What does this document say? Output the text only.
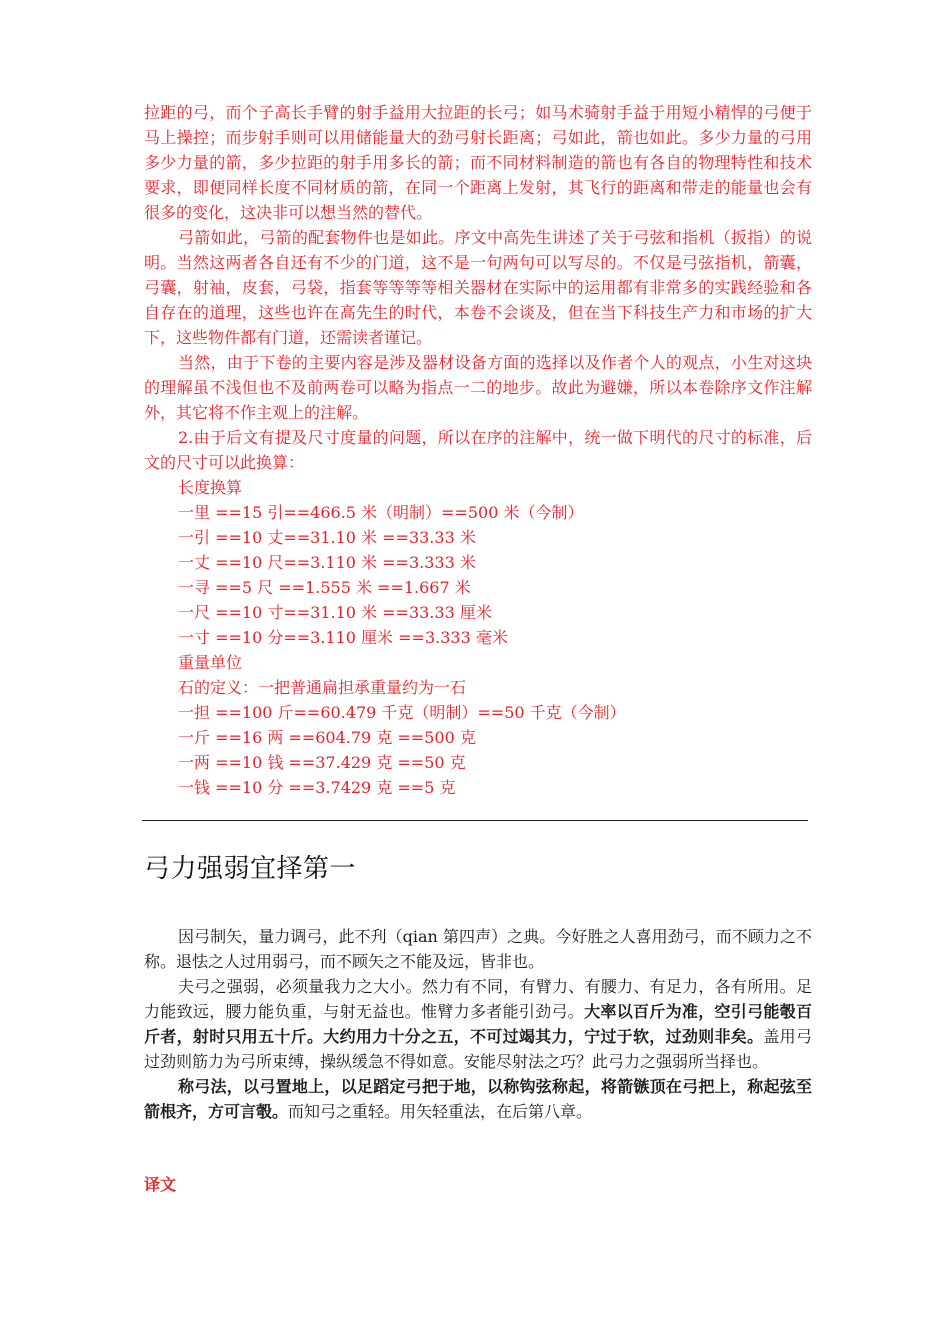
拉距的弓，而个子高长手臂的射手益用大拉距的长弓；如马术骑射手益于用短小精悍的弓便于马上操控；而步射手则可以用储能量大的劲弓射长距离；弓如此，箭也如此。多少力量的弓用多少力量的箭，多少拉距的射手用多长的箭；而不同材料制造的箭也有各自的物理特性和技术要求，即便同样长度不同材质的箭，在同一个距离上发射，其飞行的距离和带走的能量也会有很多的变化，这决非可以想当然的替代。

弓箭如此，弓箭的配套物件也是如此。序文中高先生讲述了关于弓弦和指机（扳指）的说明。当然这两者各自还有不少的门道，这不是一句两句可以写尽的。不仅是弓弦指机，箭囊，弓囊，射袖，皮套，弓袋，指套等等等等相关器材在实际中的运用都有非常多的实践经验和各自存在的道理，这些也许在高先生的时代，本卷不会谈及，但在当下科技生产力和市场的扩大下，这些物件都有门道，还需读者谨记。

当然，由于下卷的主要内容是涉及器材设备方面的选择以及作者个人的观点，小生对这块的理解虽不浅但也不及前两卷可以略为指点一二的地步。故此为避嫌，所以本卷除序文作注解外，其它将不作主观上的注解。

2.由于后文有提及尺寸度量的问题，所以在序的注解中，统一做下明代的尺寸的标准，后文的尺寸可以此换算：

长度换算

一里 ==15 引==466.5 米（明制）==500 米（今制）

一引 ==10 丈==31.10 米 ==33.33 米

一丈 ==10 尺==3.110 米 ==3.333 米

一寻 ==5 尺 ==1.555 米 ==1.667 米

一尺 ==10 寸==31.10 米 ==33.33 厘米

一寸 ==10 分==3.110 厘米 ==3.333 毫米

重量单位

石的定义：一把普通扁担承重量约为一石

一担 ==100 斤==60.479 千克（明制）==50 千克（今制）

一斤 ==16 两 ==604.79 克 ==500 克

一两 ==10 钱 ==37.429 克 ==50 克

一钱 ==10 分 ==3.7429 克 ==5 克

弓力强弱宜择第一

因弓制矢，量力调弓，此不刋（qian 第四声）之典。今好胜之人喜用劲弓，而不顾力之不称。退怯之人过用弱弓，而不顾矢之不能及远，皆非也。

夫弓之强弱，必须量我力之大小。然力有不同，有臂力、有腰力、有足力，各有所用。足力能致远，腰力能负重，与射无益也。惟臂力多者能引劲弓。大率以百斤为准，空引弓能彀百斤者，射时只用五十斤。大约用力十分之五，不可过竭其力，宁过于软，过劲则非矣。盖用弓过劲则筋力为弓所束缚，操纵缓急不得如意。安能尽射法之巧？此弓力之强弱所当择也。

称弓法，以弓置地上，以足蹈定弓把于地，以称钩弦称起，将箭镞顶在弓把上，称起弦至箭根齐，方可言彀。而知弓之重轻。用矢轻重法，在后第八章。

译文
